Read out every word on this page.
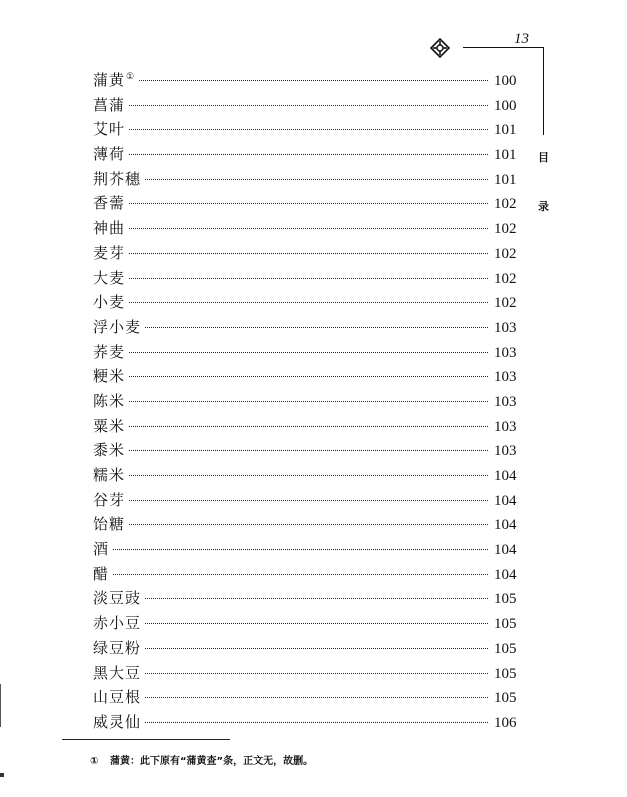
13
目
录
蒲黄①	100
菖蒲	100
艾叶	101
薄荷	101
荆芥穗	101
香薷	102
神曲	102
麦芽	102
大麦	102
小麦	102
浮小麦	103
荞麦	103
粳米	103
陈米	103
粟米	103
黍米	103
糯米	104
谷芽	104
饴糖	104
酒	104
醋	104
淡豆豉	105
赤小豆	105
绿豆粉	105
黑大豆	105
山豆根	105
威灵仙	106
① 蒲黄：此下原有“蒲黄查”条，正文无，故删。
